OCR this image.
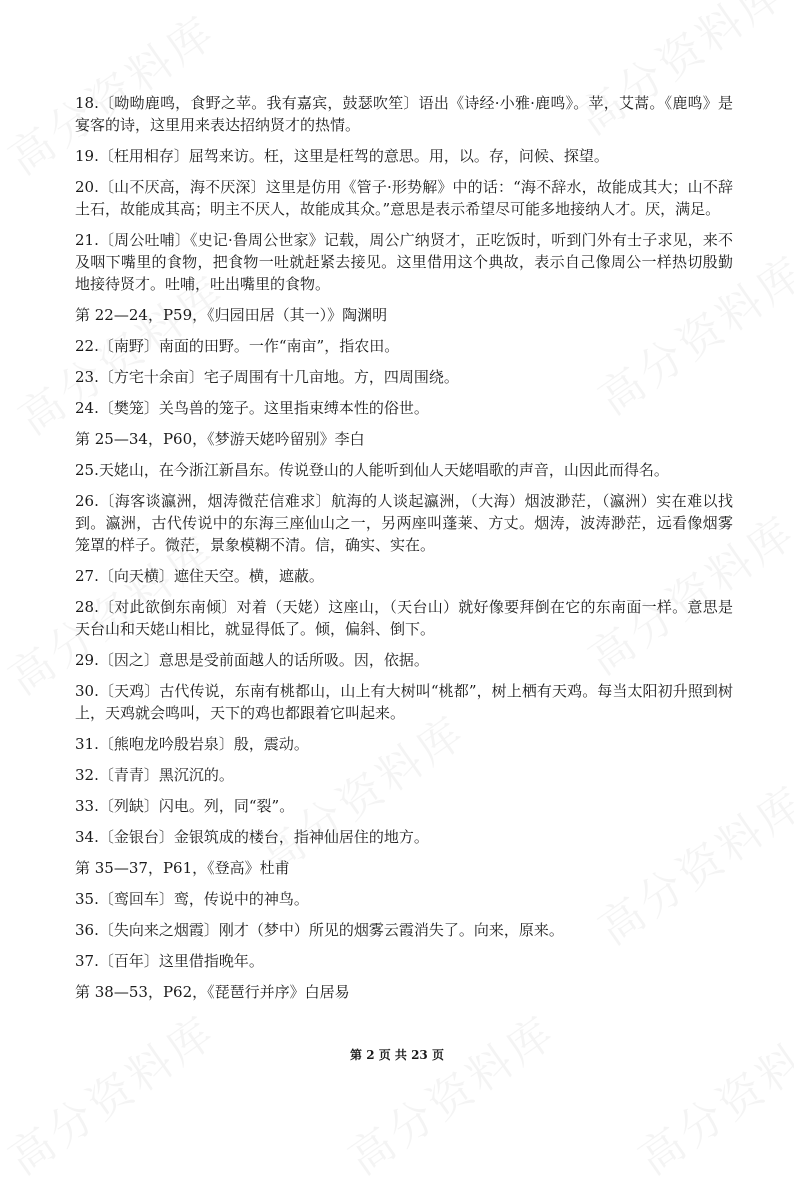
18.〔呦呦鹿鸣，食野之苹。我有嘉宾，鼓瑟吹笙〕语出《诗经·小雅·鹿鸣》。苹，艾蒿。《鹿鸣》是宴客的诗，这里用来表达招纳贤才的热情。

19.〔枉用相存〕屈驾来访。枉，这里是枉驾的意思。用，以。存，问候、探望。

20.〔山不厌高，海不厌深〕这里是仿用《管子·形势解》中的话：“海不辞水，故能成其大；山不辞土石，故能成其高；明主不厌人，故能成其众。”意思是表示希望尽可能多地接纳人才。厌，满足。

21.〔周公吐哺〕《史记·鲁周公世家》记载，周公广纳贤才，正吃饭时，听到门外有士子求见，来不及咽下嘴里的食物，把食物一吐就赶紧去接见。这里借用这个典故，表示自己像周公一样热切殷勤地接待贤才。吐哺，吐出嘴里的食物。

第 22—24，P59，《归园田居（其一）》陶渊明

22.〔南野〕南面的田野。一作“南亩”，指农田。

23.〔方宅十余亩〕宅子周围有十几亩地。方，四周围绕。

24.〔樊笼〕关鸟兽的笼子。这里指束缚本性的俗世。

第 25—34，P60，《梦游天姥吟留别》李白

25.天姥山，在今浙江新昌东。传说登山的人能听到仙人天姥唱歌的声音，山因此而得名。

26.〔海客谈瀛洲，烟涛微茫信难求〕航海的人谈起瀛洲，（大海）烟波渺茫，（瀛洲）实在难以找到。瀛洲，古代传说中的东海三座仙山之一，另两座叫蓬莱、方丈。烟涛，波涛渺茫，远看像烟雾笼罩的样子。微茫，景象模糊不清。信，确实、实在。

27.〔向天横〕遮住天空。横，遮蔽。

28.〔对此欲倒东南倾〕对着（天姥）这座山，（天台山）就好像要拜倒在它的东南面一样。意思是天台山和天姥山相比，就显得低了。倾，偏斜、倒下。

29.〔因之〕意思是受前面越人的话所吸。因，依据。

30.〔天鸡〕古代传说，东南有桃都山，山上有大树叫“桃都”，树上栖有天鸡。每当太阳初升照到树上，天鸡就会鸣叫，天下的鸡也都跟着它叫起来。

31.〔熊咆龙吟殷岩泉〕殷，震动。

32.〔青青〕黑沉沉的。

33.〔列缺〕闪电。列，同“裂”。

34.〔金银台〕金银筑成的楼台，指神仙居住的地方。

第 35—37，P61，《登高》杜甫

35.〔鸾回车〕鸾，传说中的神鸟。

36.〔失向来之烟霞〕刚才（梦中）所见的烟雾云霞消失了。向来，原来。

37.〔百年〕这里借指晚年。

第 38—53，P62，《琵琶行并序》白居易

第 2 页 共 23 页
